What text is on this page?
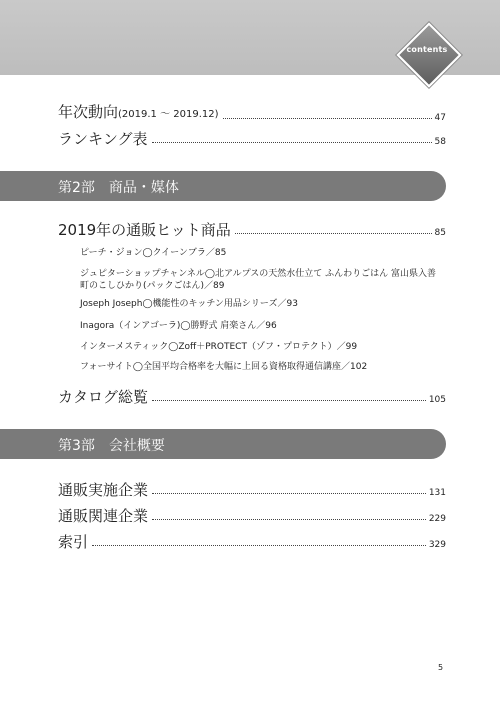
contents
年次動向(2019.1 ～ 2019.12)	47
ランキング表	58
第2部　商品・媒体
2019年の通販ヒット商品	85
ピーチ・ジョン◯クイーンブラ／85
ジュピターショップチャンネル◯北アルプスの天然水仕立て ふんわりごはん 富山県入善
町のこしひかり(パックごはん)／89
Joseph Joseph◯機能性のキッチン用品シリーズ／93
Inagora（インアゴーラ)◯勝野式 肩楽さん／96
インターメスティック◯Zoff＋PROTECT（ゾフ・プロテクト）／99
フォーサイト◯全国平均合格率を大幅に上回る資格取得通信講座／102
カタログ総覧	105
第3部　会社概要
通販実施企業	131
通販関連企業	229
索引	329
5
